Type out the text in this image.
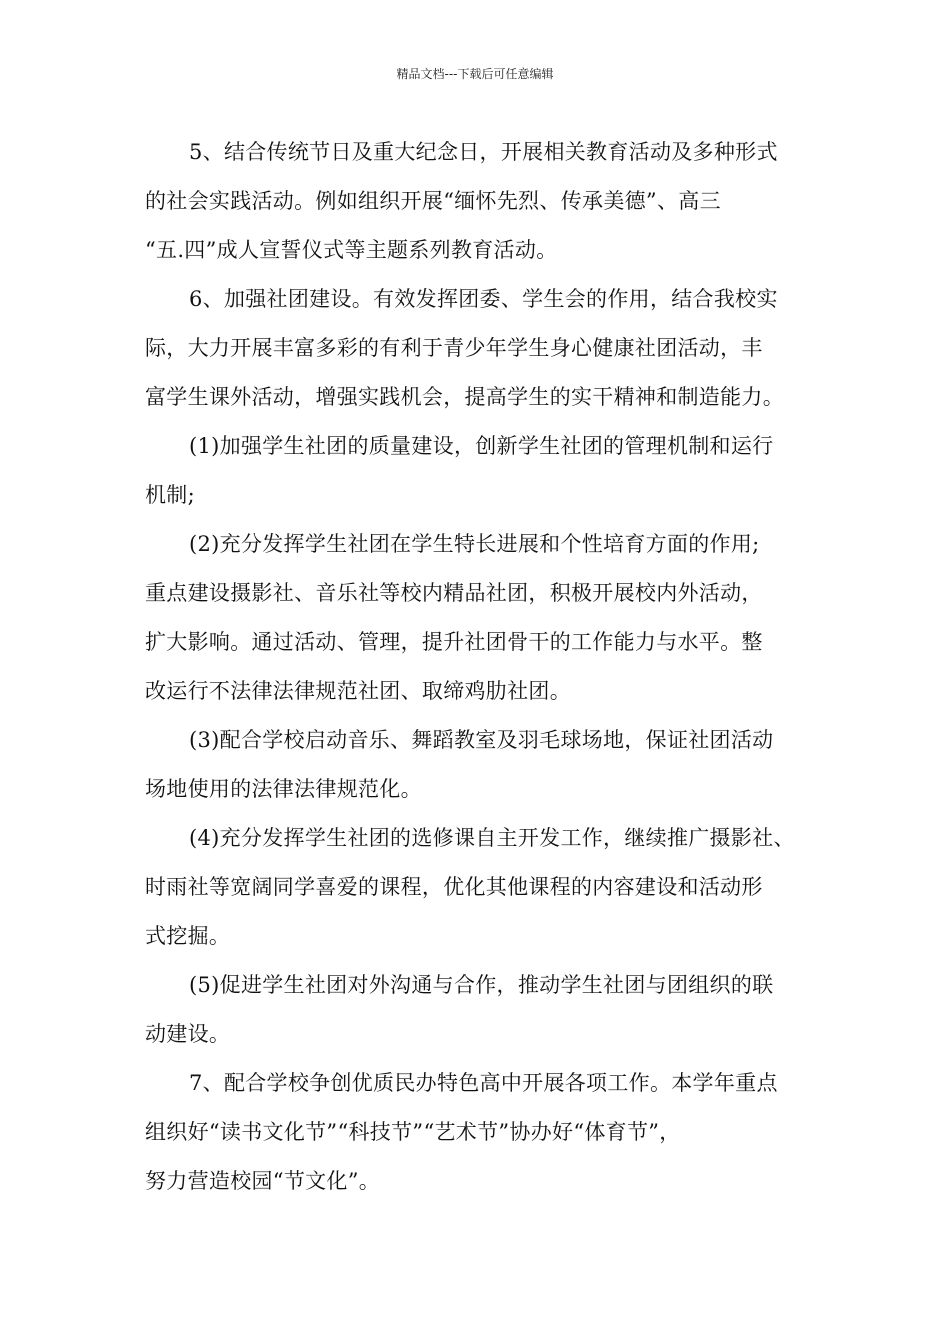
精品文档---下载后可任意编辑
5、结合传统节日及重大纪念日，开展相关教育活动及多种形式
的社会实践活动。例如组织开展“缅怀先烈、传承美德”、高三
“五.四”成人宣誓仪式等主题系列教育活动。
6、加强社团建设。有效发挥团委、学生会的作用，结合我校实
际，大力开展丰富多彩的有利于青少年学生身心健康社团活动，丰
富学生课外活动，增强实践机会，提高学生的实干精神和制造能力。
(1)加强学生社团的质量建设，创新学生社团的管理机制和运行
机制;
(2)充分发挥学生社团在学生特长进展和个性培育方面的作用;
重点建设摄影社、音乐社等校内精品社团，积极开展校内外活动，
扩大影响。通过活动、管理，提升社团骨干的工作能力与水平。整
改运行不法律法律规范社团、取缔鸡肋社团。
(3)配合学校启动音乐、舞蹈教室及羽毛球场地，保证社团活动
场地使用的法律法律规范化。
(4)充分发挥学生社团的选修课自主开发工作，继续推广摄影社、
时雨社等宽阔同学喜爱的课程，优化其他课程的内容建设和活动形
式挖掘。
(5)促进学生社团对外沟通与合作，推动学生社团与团组织的联
动建设。
7、配合学校争创优质民办特色高中开展各项工作。本学年重点
组织好“读书文化节”“科技节”“艺术节”协办好“体育节”，
努力营造校园“节文化”。
